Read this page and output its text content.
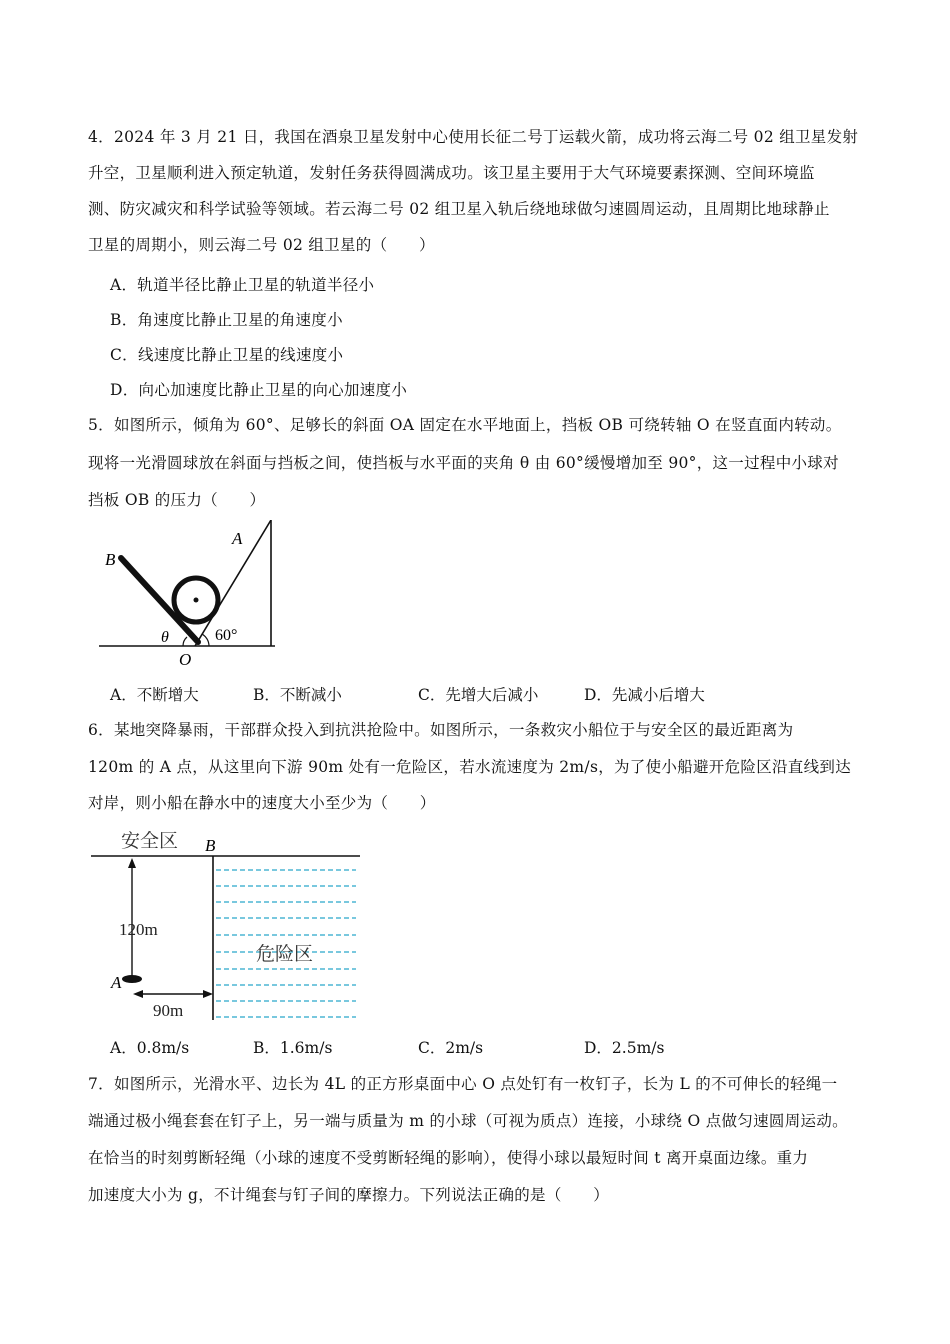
4．2024 年 3 月 21 日，我国在酒泉卫星发射中心使用长征二号丁运载火箭，成功将云海二号 02 组卫星发射
升空，卫星顺利进入预定轨道，发射任务获得圆满成功。该卫星主要用于大气环境要素探测、空间环境监
测、防灾减灾和科学试验等领域。若云海二号 02 组卫星入轨后绕地球做匀速圆周运动，且周期比地球静止
卫星的周期小，则云海二号 02 组卫星的（　　）
A．轨道半径比静止卫星的轨道半径小
B．角速度比静止卫星的角速度小
C．线速度比静止卫星的线速度小
D．向心加速度比静止卫星的向心加速度小
5．如图所示，倾角为 60°、足够长的斜面 OA 固定在水平地面上，挡板 OB 可绕转轴 O 在竖直面内转动。
现将一光滑圆球放在斜面与挡板之间，使挡板与水平面的夹角 θ 由 60°缓慢增加至 90°，这一过程中小球对
挡板 OB 的压力（　　）
B
A
θ	60°
O
A．不断增大	B．不断减小	C．先增大后减小	D．先减小后增大
6．某地突降暴雨，干部群众投入到抗洪抢险中。如图所示，一条救灾小船位于与安全区的最近距离为
120m 的 A 点，从这里向下游 90m 处有一危险区，若水流速度为 2m/s，为了使小船避开危险区沿直线到达
对岸，则小船在静水中的速度大小至少为（　　）
安全区 B
120m
危险区
A
90m
A．0.8m/s	B．1.6m/s	C．2m/s	D．2.5m/s
7．如图所示，光滑水平、边长为 4L 的正方形桌面中心 O 点处钉有一枚钉子，长为 L 的不可伸长的轻绳一
端通过极小绳套套在钉子上，另一端与质量为 m 的小球（可视为质点）连接，小球绕 O 点做匀速圆周运动。
在恰当的时刻剪断轻绳（小球的速度不受剪断轻绳的影响），使得小球以最短时间 t 离开桌面边缘。重力
加速度大小为 g，不计绳套与钉子间的摩擦力。下列说法正确的是（　　）
